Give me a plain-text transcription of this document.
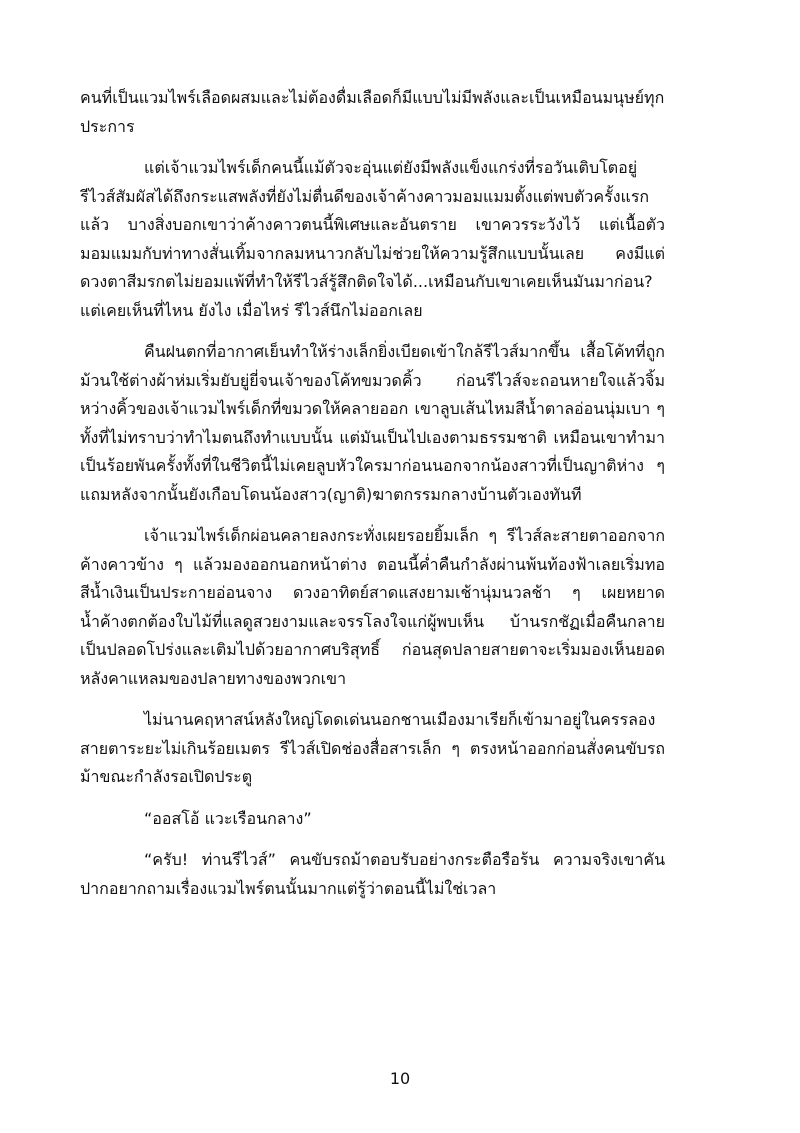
คนที่เป็นแวมไพร์เลือดผสมและไม่ต้องดื่มเลือดก็มีแบบไม่มีพลังและเป็นเหมือนมนุษย์ทุกประการ

แต่เจ้าแวมไพร์เด็กคนนี้แม้ตัวจะอุ่นแต่ยังมีพลังแข็งแกร่งที่รอวันเติบโตอยู่ รีไวส์สัมผัสได้ถึงกระแสพลังที่ยังไม่ตื่นดีของเจ้าค้างคาวมอมแมมตั้งแต่พบตัวครั้งแรกแล้ว บางสิ่งบอกเขาว่าค้างคาวตนนี้พิเศษและอันตราย เขาควรระวังไว้ แต่เนื้อตัวมอมแมมกับท่าทางสั่นเทิ้มจากลมหนาวกลับไม่ช่วยให้ความรู้สึกแบบนั้นเลย คงมีแต่ดวงตาสีมรกตไม่ยอมแพ้ที่ทำให้รีไวส์รู้สึกติดใจได้...เหมือนกับเขาเคยเห็นมันมาก่อน? แต่เคยเห็นที่ไหน ยังไง เมื่อไหร่ รีไวส์นึกไม่ออกเลย

คืนฝนตกที่อากาศเย็นทำให้ร่างเล็กยิ่งเบียดเข้าใกล้รีไวส์มากขึ้น เสื้อโค้ทที่ถูกม้วนใช้ต่างผ้าห่มเริ่มยับยู่ยี่จนเจ้าของโค้ทขมวดคิ้ว ก่อนรีไวส์จะถอนหายใจแล้วจิ้มหว่างคิ้วของเจ้าแวมไพร์เด็กที่ขมวดให้คลายออก เขาลูบเส้นไหมสีน้ำตาลอ่อนนุ่มเบา ๆ ทั้งที่ไม่ทราบว่าทำไมตนถึงทำแบบนั้น แต่มันเป็นไปเองตามธรรมชาติ เหมือนเขาทำมาเป็นร้อยพันครั้งทั้งที่ในชีวิตนี้ไม่เคยลูบหัวใครมาก่อนนอกจากน้องสาวที่เป็นญาติห่าง ๆ แถมหลังจากนั้นยังเกือบโดนน้องสาว(ญาติ)ฆาตกรรมกลางบ้านตัวเองทันที

เจ้าแวมไพร์เด็กผ่อนคลายลงกระทั่งเผยรอยยิ้มเล็ก ๆ รีไวส์ละสายตาออกจากค้างคาวข้าง ๆ แล้วมองออกนอกหน้าต่าง ตอนนี้ค่ำคืนกำลังผ่านพ้นท้องฟ้าเลยเริ่มทอสีน้ำเงินเป็นประกายอ่อนจาง ดวงอาทิตย์สาดแสงยามเช้านุ่มนวลช้า ๆ เผยหยาดน้ำค้างตกต้องใบไม้ที่แลดูสวยงามและจรรโลงใจแก่ผู้พบเห็น บ้านรกชัฏเมื่อคืนกลายเป็นปลอดโปร่งและเติมไปด้วยอากาศบริสุทธิ์ ก่อนสุดปลายสายตาจะเริ่มมองเห็นยอดหลังคาแหลมของปลายทางของพวกเขา

ไม่นานคฤหาสน์หลังใหญ่โดดเด่นนอกชานเมืองมาเรียก็เข้ามาอยู่ในครรลองสายตาระยะไม่เกินร้อยเมตร รีไวส์เปิดช่องสื่อสารเล็ก ๆ ตรงหน้าออกก่อนสั่งคนขับรถม้าขณะกำลังรอเปิดประตู

“ออสโอ้ แวะเรือนกลาง”

“ครับ! ท่านรีไวส์” คนขับรถม้าตอบรับอย่างกระตือรือร้น ความจริงเขาคันปากอยากถามเรื่องแวมไพร์ตนนั้นมากแต่รู้ว่าตอนนี้ไม่ใช่เวลา

10
